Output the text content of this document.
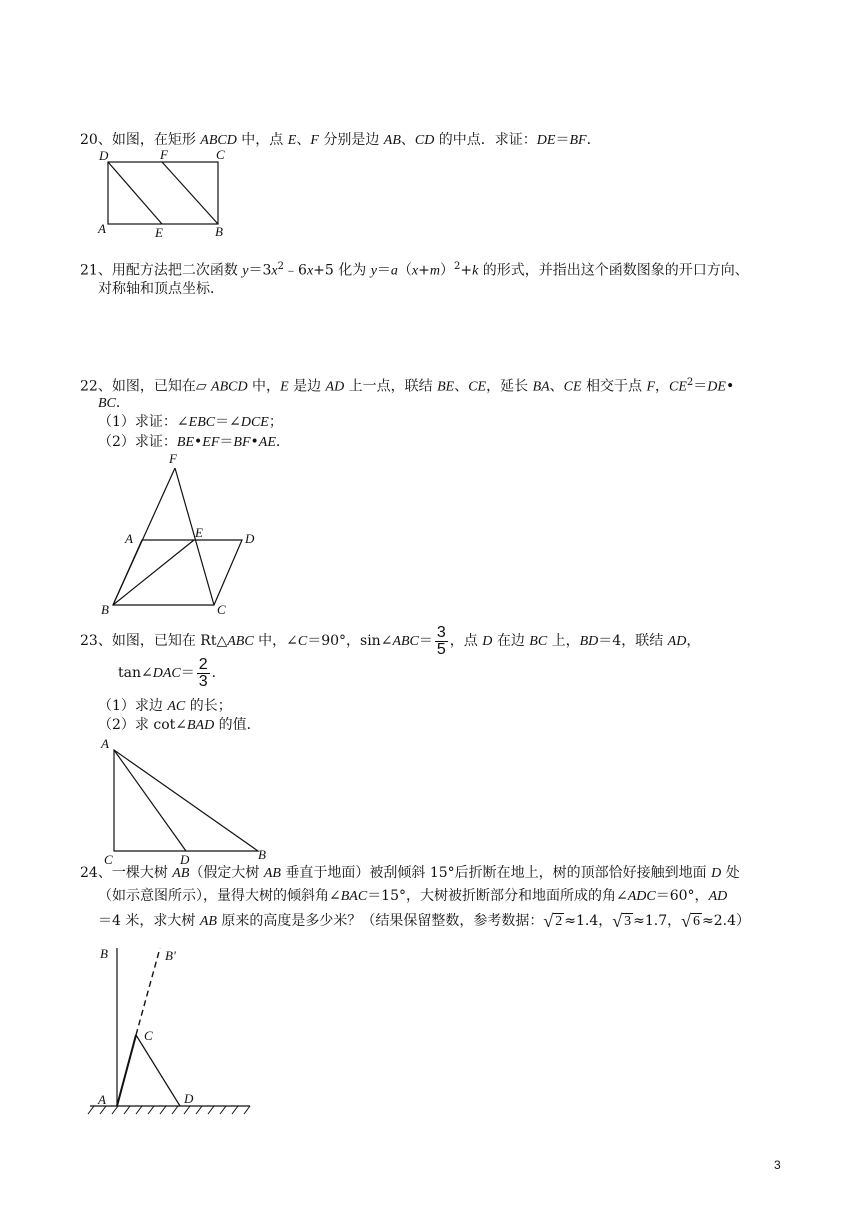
20、如图，在矩形 ABCD 中，点 E、F 分别是边 AB、CD 的中点．求证：DE＝BF．
D	F	C
A	E	B
21、用配方法把二次函数 $y=3x^2﹣6x+5$ 化为 $y=a(x+m)^2+k$ 的形式，并指出这个函数图象的开口方向、
对称轴和顶点坐标．
22、如图，已知在▱ ABCD 中，E 是边 AD 上一点，联结 BE、CE，延长 BA、CE 相交于点 F，$CE^2=DE•$
BC．
（1）求证：∠EBC＝∠DCE；
（2）求证：BE•EF＝BF•AE．
F
A	E	D
B	C
23、如图，已知在 Rt△ABC 中，∠C＝90°，sin∠ABC＝ $\frac{3}{5}$ ，点 D 在边 BC 上，BD＝4，联结 AD，
tan∠DAC＝ $\frac{2}{3}$ ．
（1）求边 AC 的长；
（2）求 cot∠BAD 的值．
A
C	D	B
24、一棵大树 AB（假定大树 AB 垂直于地面）被刮倾斜 15°后折断在地上，树的顶部恰好接触到地面 D 处
（如示意图所示），量得大树的倾斜角∠BAC＝15°，大树被折断部分和地面所成的角∠ADC＝60°，AD
＝4 米，求大树 AB 原来的高度是多少米？（结果保留整数，参考数据：√ 2 ≈1.4，√ 3 ≈1.7，√ 6 ≈2.4）
B	B'
C
A	D
3
